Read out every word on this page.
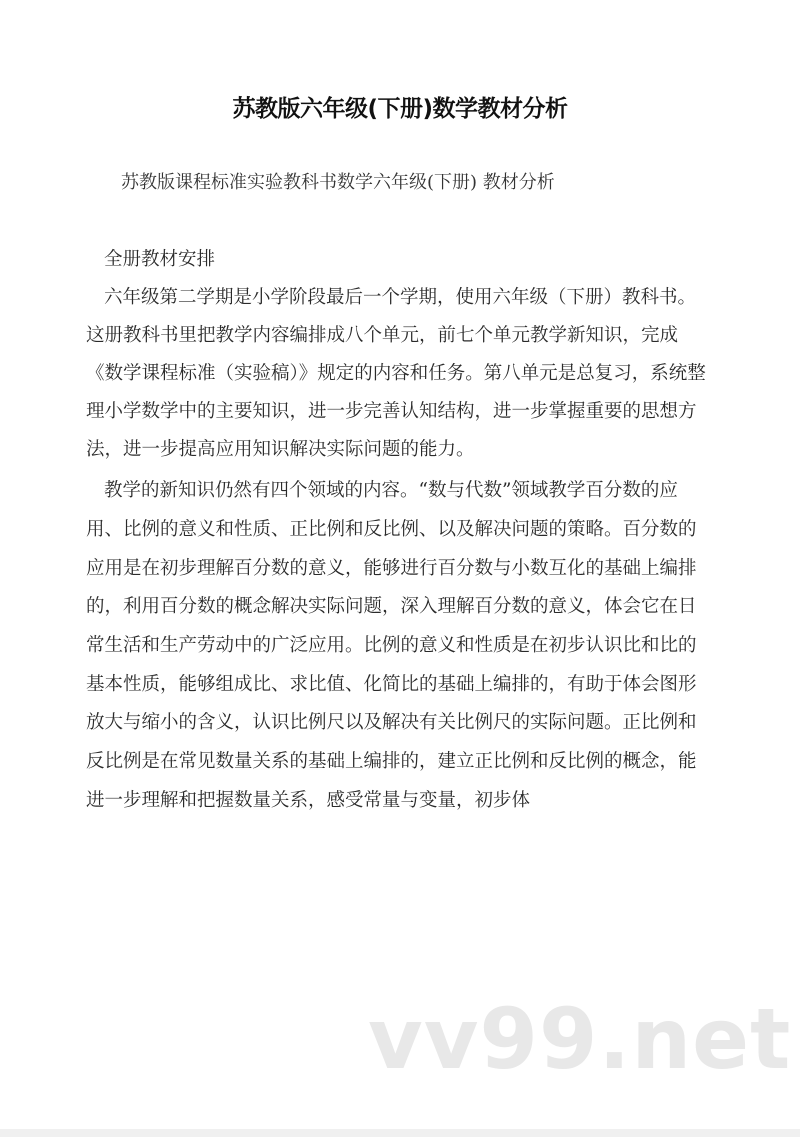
苏教版六年级(下册)数学教材分析
苏教版课程标准实验教科书数学六年级(下册) 教材分析
全册教材安排
六年级第二学期是小学阶段最后一个学期，使用六年级（下册）教科书。
这册教科书里把教学内容编排成八个单元，前七个单元教学新知识，完成
《数学课程标准（实验稿）》规定的内容和任务。第八单元是总复习，系统整
理小学数学中的主要知识，进一步完善认知结构，进一步掌握重要的思想方
法，进一步提高应用知识解决实际问题的能力。
教学的新知识仍然有四个领域的内容。“数与代数”领域教学百分数的应
用、比例的意义和性质、正比例和反比例、以及解决问题的策略。百分数的
应用是在初步理解百分数的意义，能够进行百分数与小数互化的基础上编排
的，利用百分数的概念解决实际问题，深入理解百分数的意义，体会它在日
常生活和生产劳动中的广泛应用。比例的意义和性质是在初步认识比和比的
基本性质，能够组成比、求比值、化简比的基础上编排的，有助于体会图形
放大与缩小的含义，认识比例尺以及解决有关比例尺的实际问题。正比例和
反比例是在常见数量关系的基础上编排的，建立正比例和反比例的概念，能
进一步理解和把握数量关系，感受常量与变量，初步体
vv99.net
